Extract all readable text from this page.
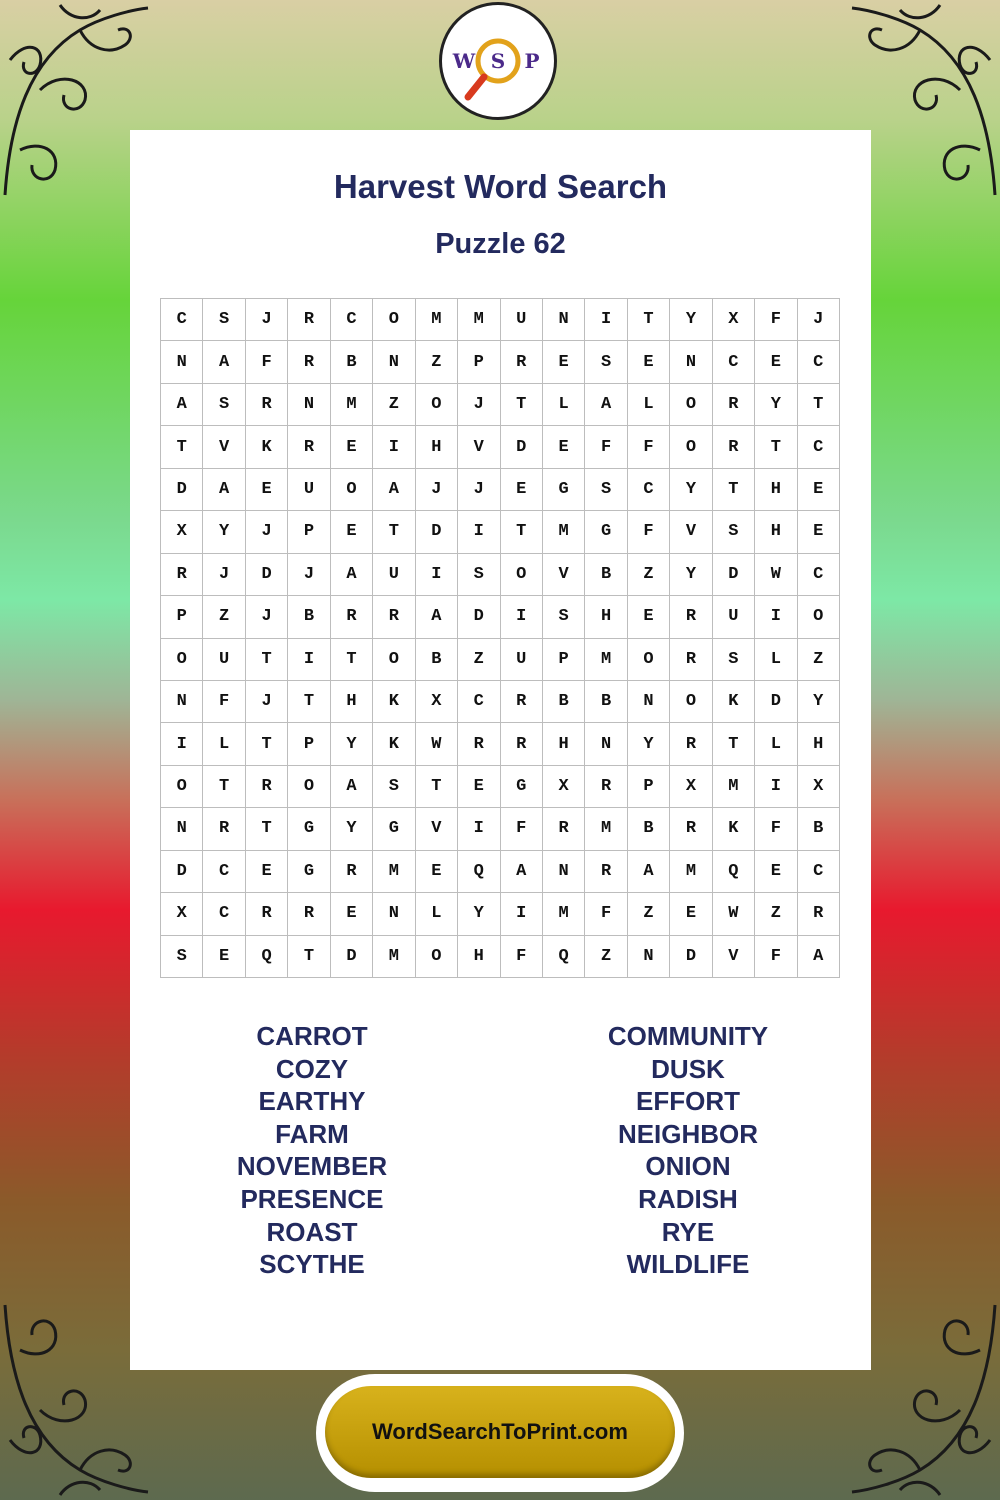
W S P
Harvest Word Search
Puzzle 62
C	S	J	R	C	O	M	M	U	N	I	T	Y	X	F	J
N	A	F	R	B	N	Z	P	R	E	S	E	N	C	E	C
A	S	R	N	M	Z	O	J	T	L	A	L	O	R	Y	T
T	V	K	R	E	I	H	V	D	E	F	F	O	R	T	C
D	A	E	U	O	A	J	J	E	G	S	C	Y	T	H	E
X	Y	J	P	E	T	D	I	T	M	G	F	V	S	H	E
R	J	D	J	A	U	I	S	O	V	B	Z	Y	D	W	C
P	Z	J	B	R	R	A	D	I	S	H	E	R	U	I	O
O	U	T	I	T	O	B	Z	U	P	M	O	R	S	L	Z
N	F	J	T	H	K	X	C	R	B	B	N	O	K	D	Y
I	L	T	P	Y	K	W	R	R	H	N	Y	R	T	L	H
O	T	R	O	A	S	T	E	G	X	R	P	X	M	I	X
N	R	T	G	Y	G	V	I	F	R	M	B	R	K	F	B
D	C	E	G	R	M	E	Q	A	N	R	A	M	Q	E	C
X	C	R	R	E	N	L	Y	I	M	F	Z	E	W	Z	R
S	E	Q	T	D	M	O	H	F	Q	Z	N	D	V	F	A
CARROT
COZY
EARTHY
FARM
NOVEMBER
PRESENCE
ROAST
SCYTHE
COMMUNITY
DUSK
EFFORT
NEIGHBOR
ONION
RADISH
RYE
WILDLIFE
WordSearchToPrint.com
